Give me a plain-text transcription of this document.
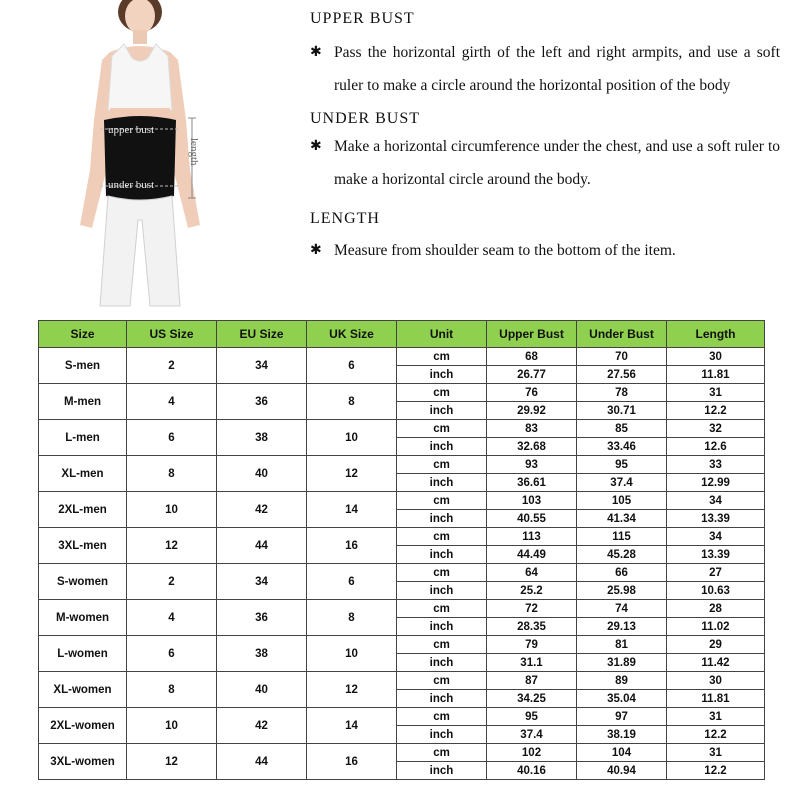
upper bust
under bust
length
UPPER BUST
✱ Pass the horizontal girth of the left and right armpits, and use a soft ruler to make a circle around the horizontal position of the body
UNDER BUST
✱ Make a horizontal circumference under the chest, and use a soft ruler to make a horizontal circle around the body.
LENGTH
✱ Measure from shoulder seam to the bottom of the item.
Size	US Size	EU Size	UK Size	Unit	Upper Bust	Under Bust	Length
S-men	2	34	6	cm	68	70	30
				inch	26.77	27.56	11.81
M-men	4	36	8	cm	76	78	31
				inch	29.92	30.71	12.2
L-men	6	38	10	cm	83	85	32
				inch	32.68	33.46	12.6
XL-men	8	40	12	cm	93	95	33
				inch	36.61	37.4	12.99
2XL-men	10	42	14	cm	103	105	34
				inch	40.55	41.34	13.39
3XL-men	12	44	16	cm	113	115	34
				inch	44.49	45.28	13.39
S-women	2	34	6	cm	64	66	27
				inch	25.2	25.98	10.63
M-women	4	36	8	cm	72	74	28
				inch	28.35	29.13	11.02
L-women	6	38	10	cm	79	81	29
				inch	31.1	31.89	11.42
XL-women	8	40	12	cm	87	89	30
				inch	34.25	35.04	11.81
2XL-women	10	42	14	cm	95	97	31
				inch	37.4	38.19	12.2
3XL-women	12	44	16	cm	102	104	31
				inch	40.16	40.94	12.2
